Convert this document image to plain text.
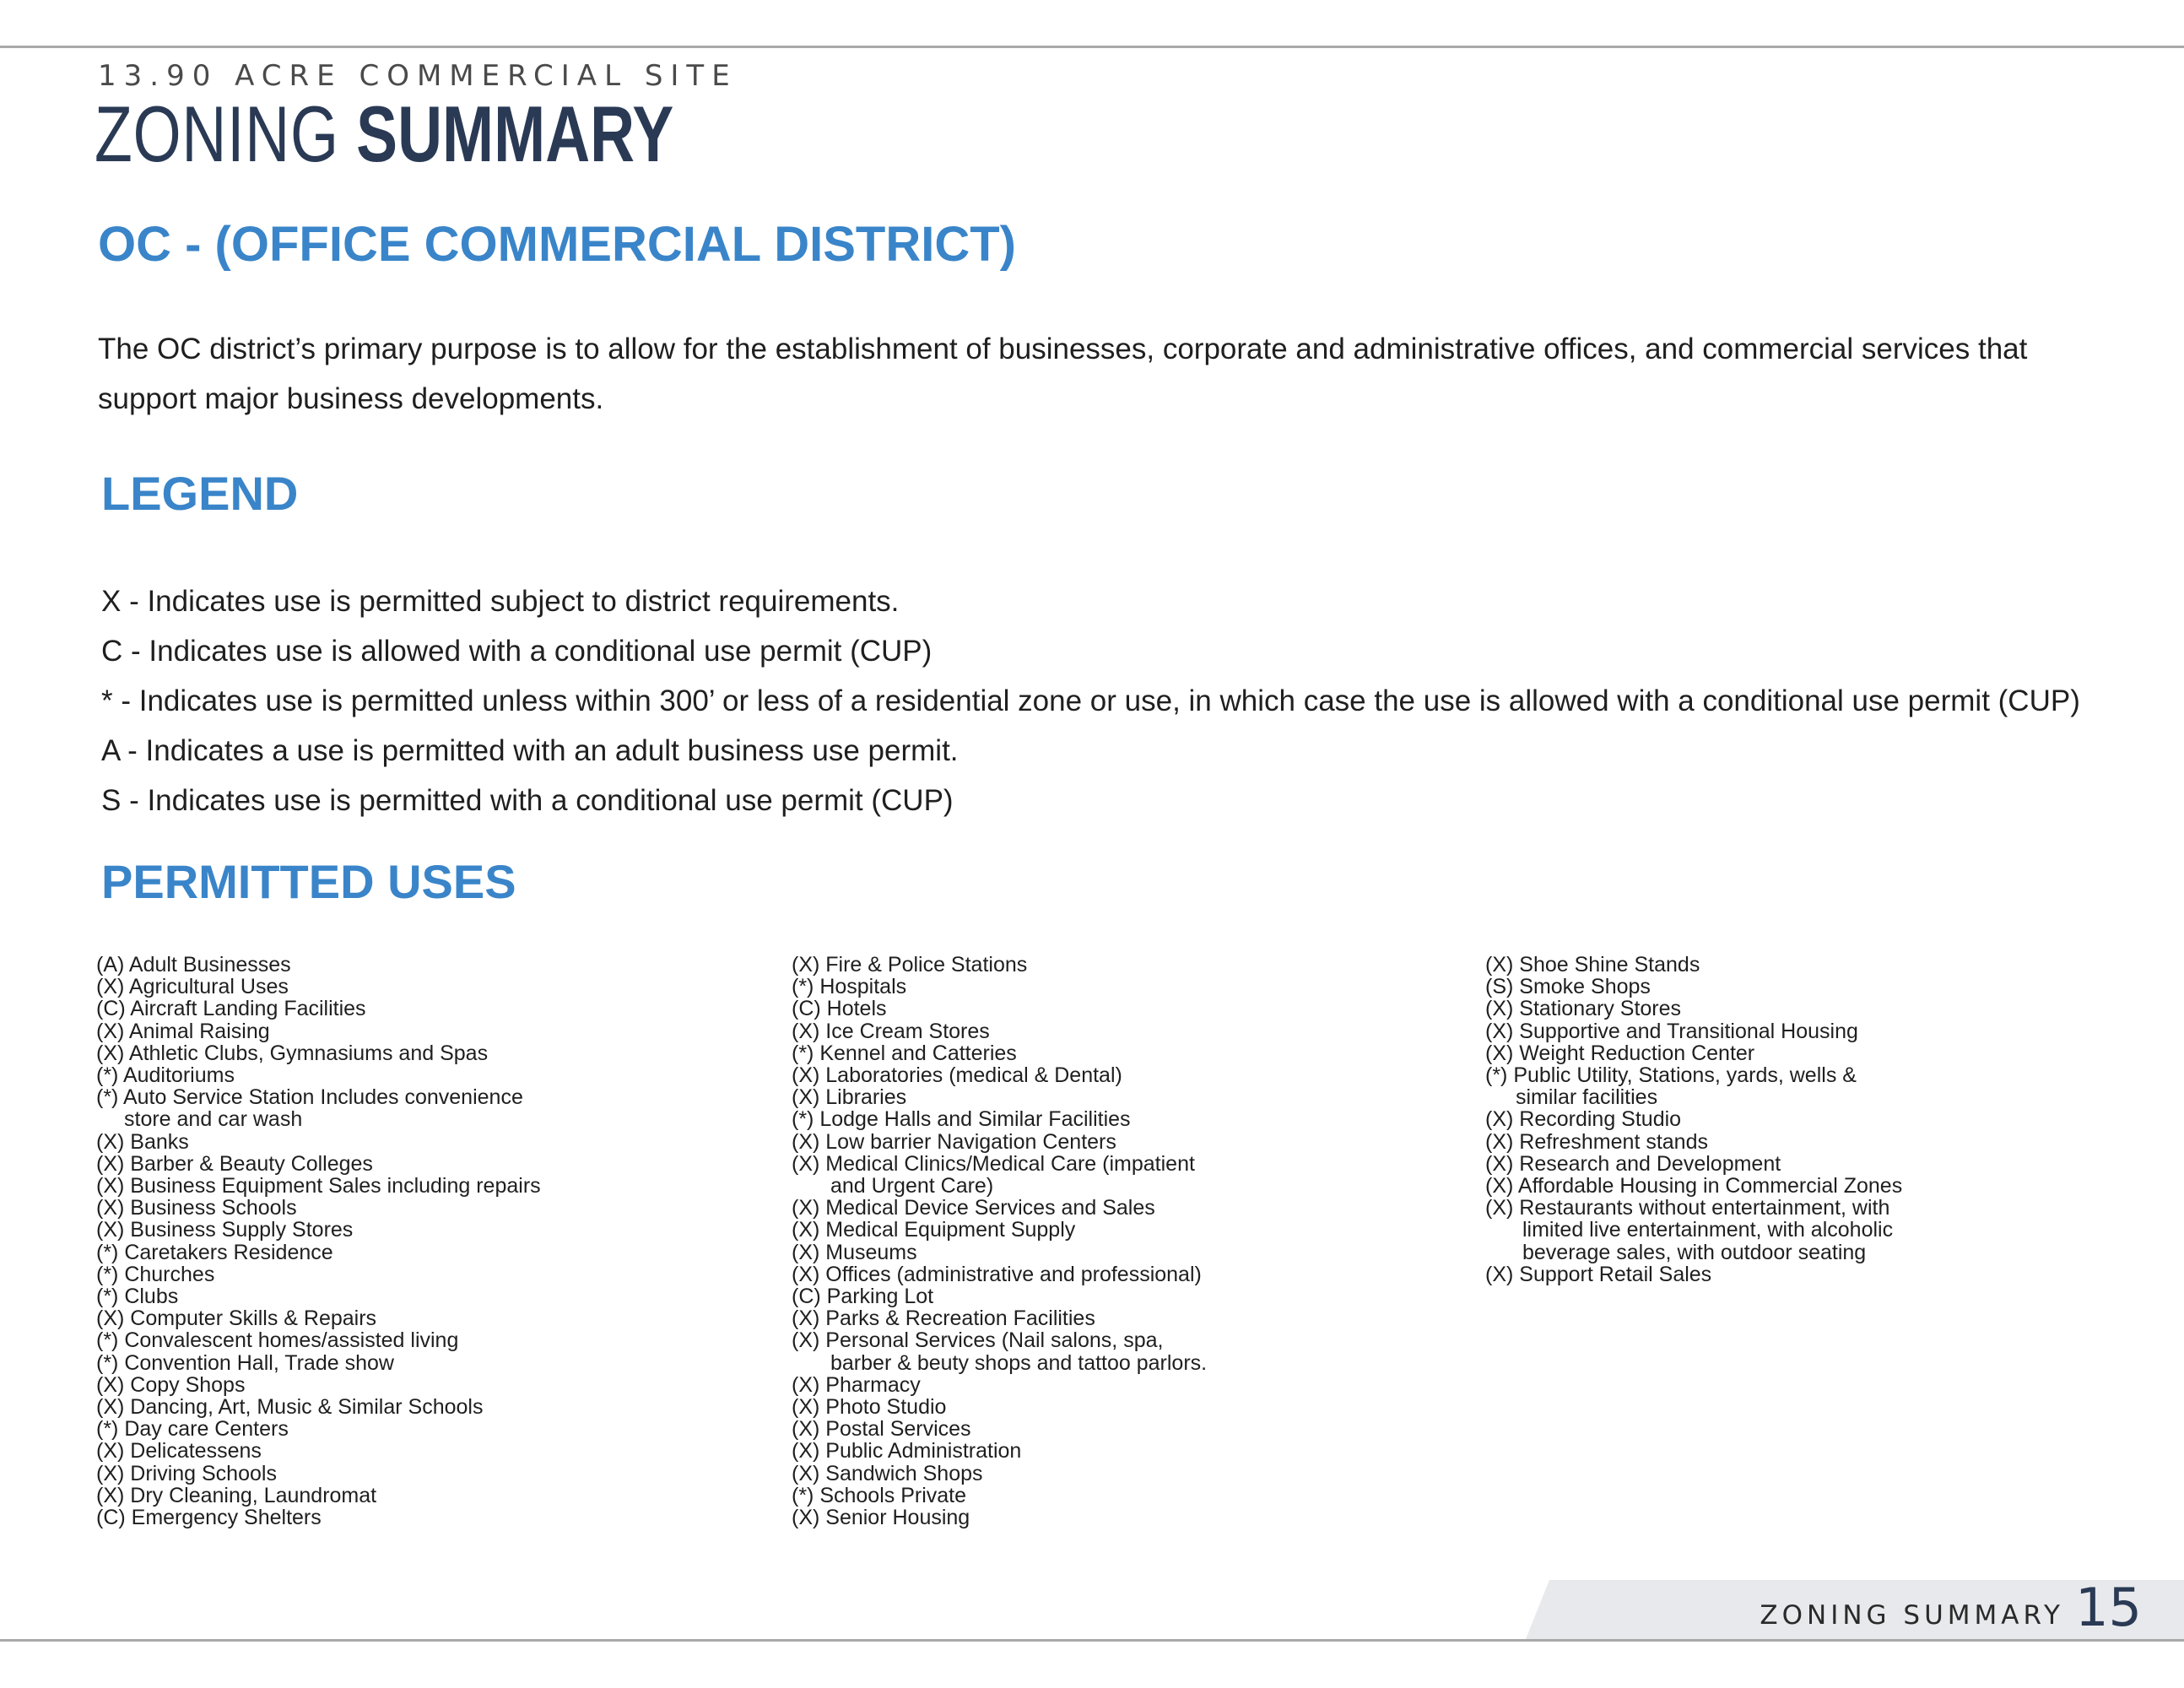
13.90 ACRE COMMERCIAL SITE
ZONING SUMMARY
OC - (OFFICE COMMERCIAL DISTRICT)
The OC district’s primary purpose is to allow for the establishment of businesses, corporate and administrative offices, and commercial services that support major business developments.
LEGEND
X - Indicates use is permitted subject to district requirements.
C - Indicates use is allowed with a conditional use permit (CUP)
* - Indicates use is permitted unless within 300’ or less of a residential zone or use, in which case the use is allowed with a conditional use permit (CUP)
A - Indicates a use is permitted with an adult business use permit.
S - Indicates use is permitted with a conditional use permit (CUP)
PERMITTED USES
(A) Adult Businesses
(X) Agricultural Uses
(C) Aircraft Landing Facilities
(X) Animal Raising
(X) Athletic Clubs, Gymnasiums and Spas
(*) Auditoriums
(*) Auto Service Station Includes convenience
store and car wash
(X) Banks
(X) Barber & Beauty Colleges
(X) Business Equipment Sales including repairs
(X) Business Schools
(X) Business Supply Stores
(*) Caretakers Residence
(*) Churches
(*) Clubs
(X) Computer Skills & Repairs
(*) Convalescent homes/assisted living
(*) Convention Hall, Trade show
(X) Copy Shops
(X) Dancing, Art, Music & Similar Schools
(*) Day care Centers
(X) Delicatessens
(X) Driving Schools
(X) Dry Cleaning, Laundromat
(C) Emergency Shelters
(X) Fire & Police Stations
(*) Hospitals
(C) Hotels
(X) Ice Cream Stores
(*) Kennel and Catteries
(X) Laboratories (medical & Dental)
(X) Libraries
(*) Lodge Halls and Similar Facilities
(X) Low barrier Navigation Centers
(X) Medical Clinics/Medical Care (impatient
and Urgent Care)
(X) Medical Device Services and Sales
(X) Medical Equipment Supply
(X) Museums
(X) Offices (administrative and professional)
(C) Parking Lot
(X) Parks & Recreation Facilities
(X) Personal Services (Nail salons, spa,
barber & beuty shops and tattoo parlors.
(X) Pharmacy
(X) Photo Studio
(X) Postal Services
(X) Public Administration
(X) Sandwich Shops
(*) Schools Private
(X) Senior Housing
(X) Shoe Shine Stands
(S) Smoke Shops
(X) Stationary Stores
(X) Supportive and Transitional Housing
(X) Weight Reduction Center
(*) Public Utility, Stations, yards, wells &
similar facilities
(X) Recording Studio
(X) Refreshment stands
(X) Research and Development
(X) Affordable Housing in Commercial Zones
(X) Restaurants without entertainment, with
limited live entertainment, with alcoholic
beverage sales, with outdoor seating
(X) Support Retail Sales
ZONING SUMMARY 15
